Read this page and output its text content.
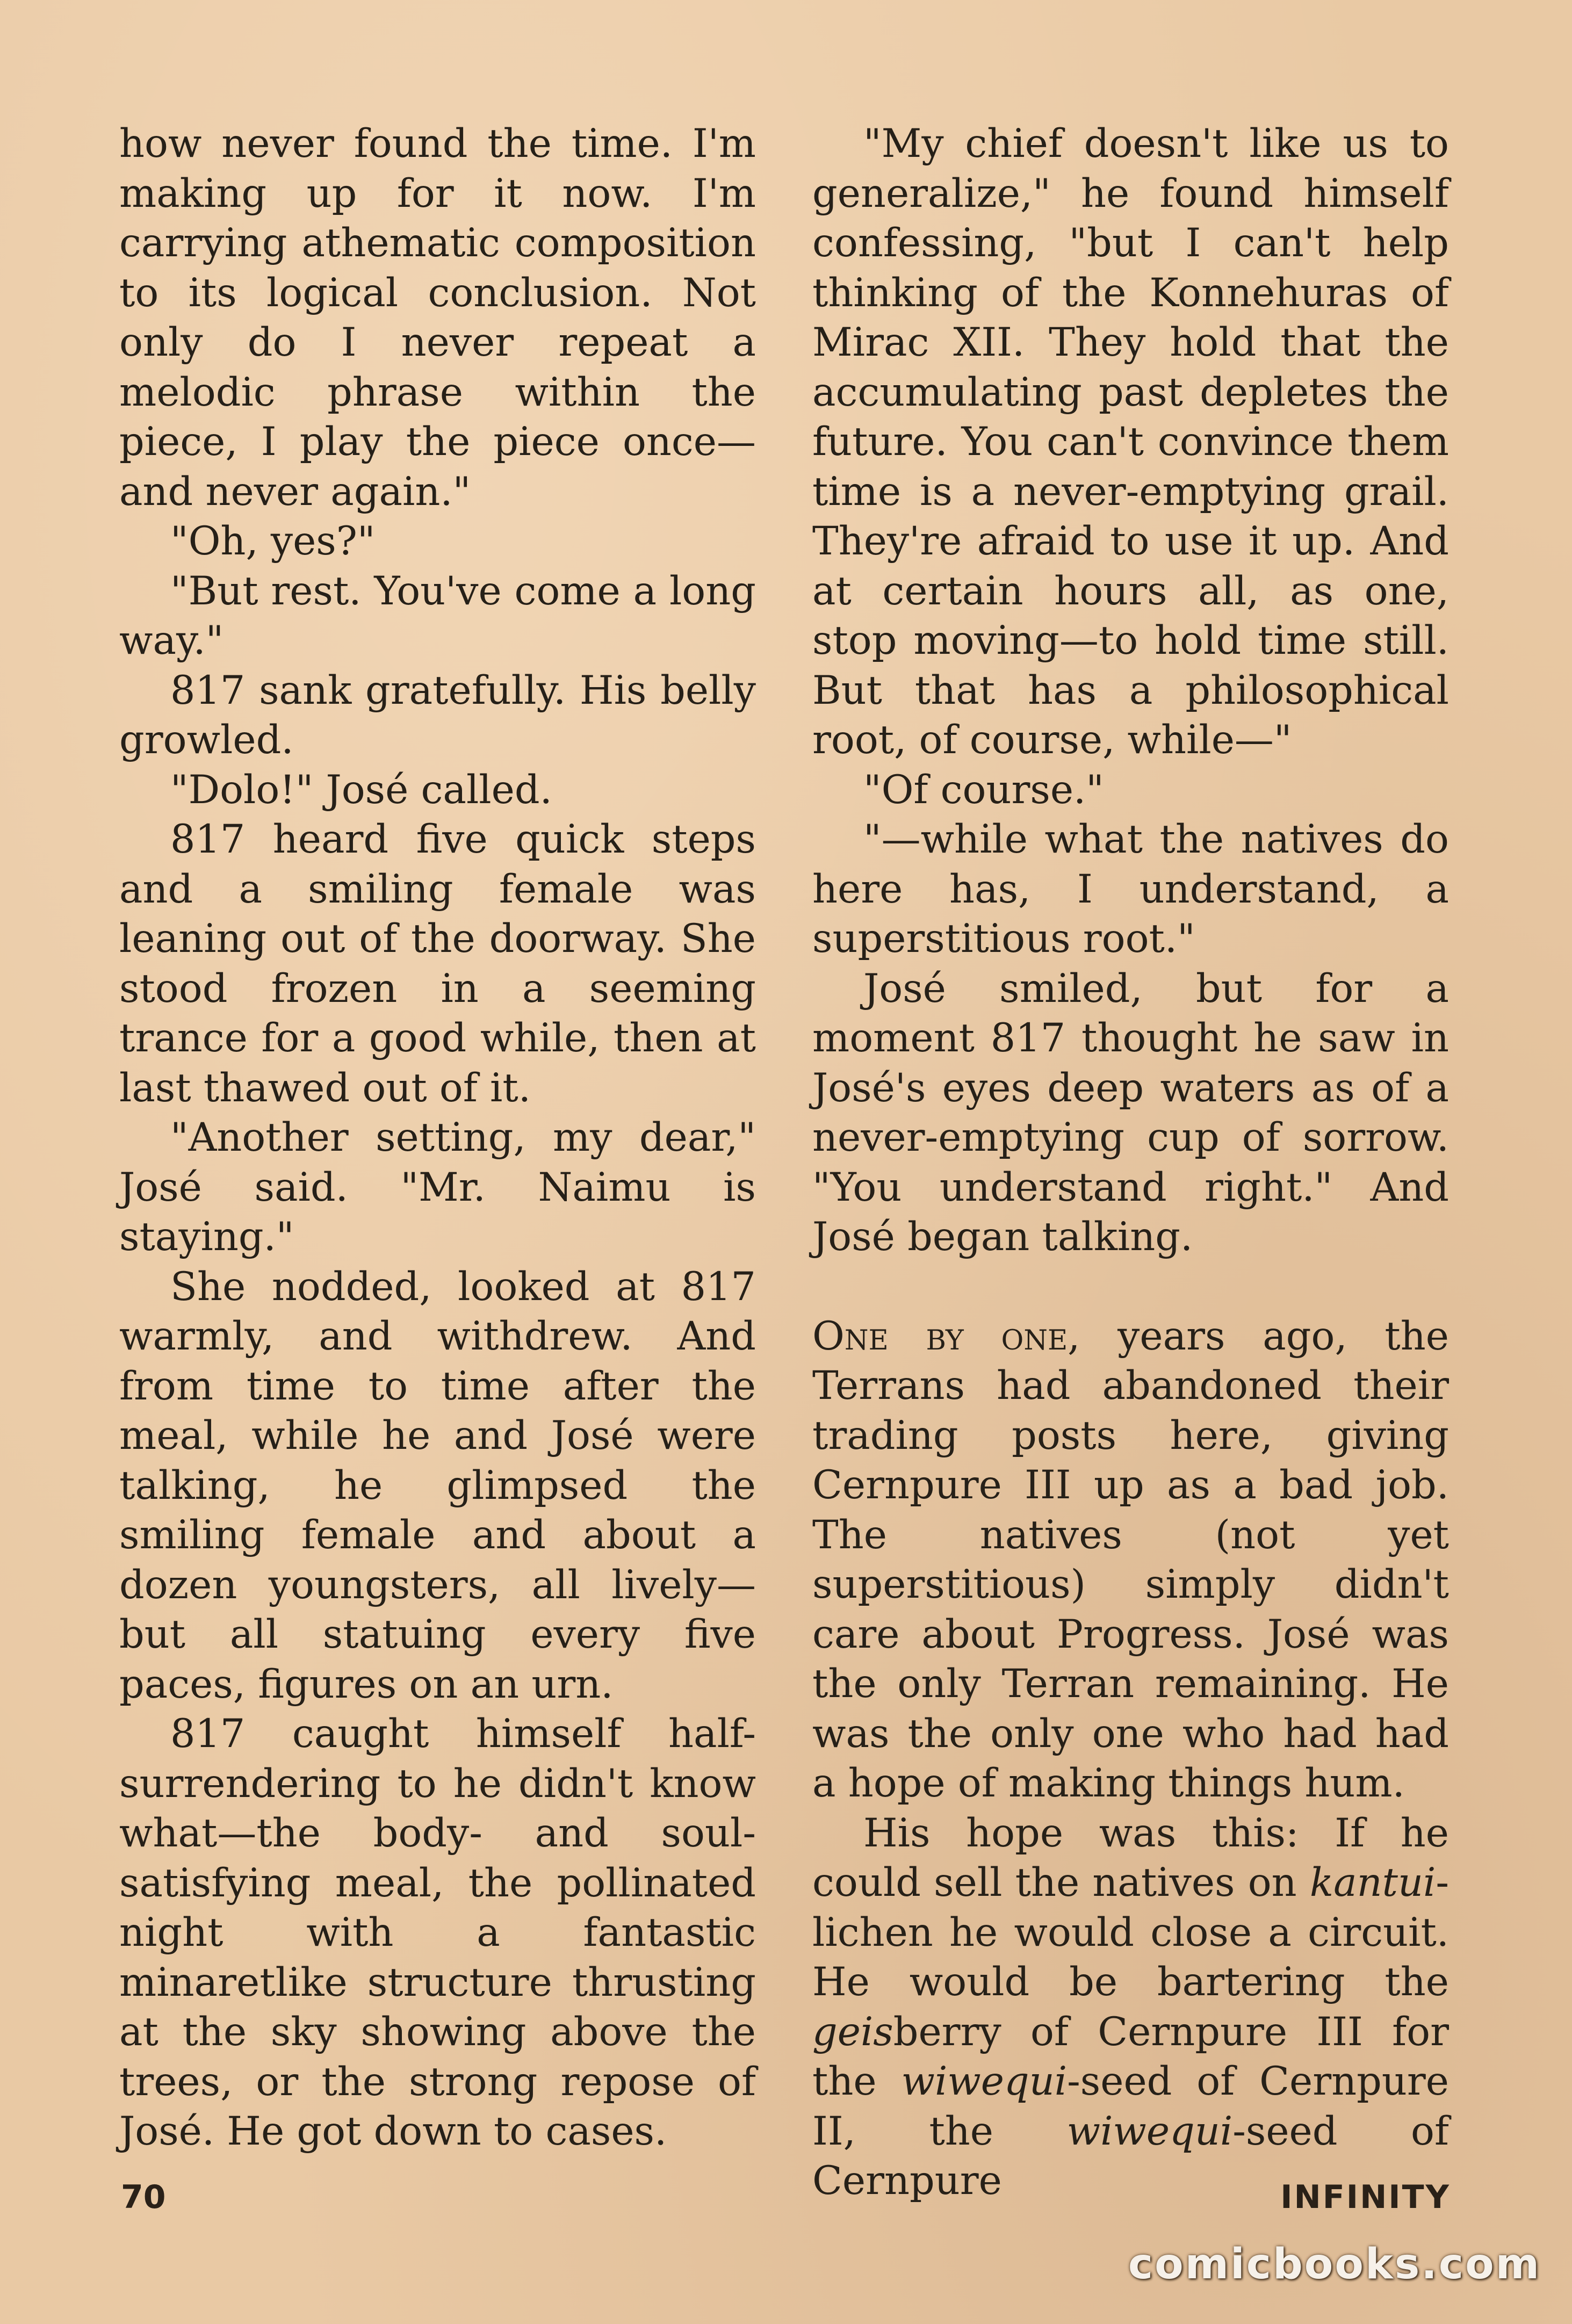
how never found the time. I'm making up for it now. I'm carrying athematic composition to its logical conclusion. Not only do I never repeat a melodic phrase within the piece, I play the piece once—and never again."

"Oh, yes?"

"But rest. You've come a long way."

817 sank gratefully. His belly growled.

"Dolo!" José called.

817 heard five quick steps and a smiling female was leaning out of the doorway. She stood frozen in a seeming trance for a good while, then at last thawed out of it.

"Another setting, my dear," José said. "Mr. Naimu is staying."

She nodded, looked at 817 warmly, and withdrew. And from time to time after the meal, while he and José were talking, he glimpsed the smiling female and about a dozen youngsters, all lively—but all statuing every five paces, figures on an urn.

817 caught himself half-surrendering to he didn't know what—the body- and soul-satisfying meal, the pollinated night with a fantastic minaretlike structure thrusting at the sky showing above the trees, or the strong repose of José. He got down to cases.

"My chief doesn't like us to generalize," he found himself confessing, "but I can't help thinking of the Konnehuras of Mirac XII. They hold that the accumulating past depletes the future. You can't convince them time is a never-emptying grail. They're afraid to use it up. And at certain hours all, as one, stop moving—to hold time still. But that has a philosophical root, of course, while—"

"Of course."

"—while what the natives do here has, I understand, a superstitious root."

José smiled, but for a moment 817 thought he saw in José's eyes deep waters as of a never-emptying cup of sorrow. "You understand right." And José began talking.

One by one, years ago, the Terrans had abandoned their trading posts here, giving Cernpure III up as a bad job. The natives (not yet superstitious) simply didn't care about Progress. José was the only Terran remaining. He was the only one who had had a hope of making things hum.

His hope was this: If he could sell the natives on kantui-lichen he would close a circuit. He would be bartering the geisberry of Cernpure III for the wiwequi-seed of Cernpure II, the wiwequi-seed of Cernpure

70	INFINITY
comicbooks.com
